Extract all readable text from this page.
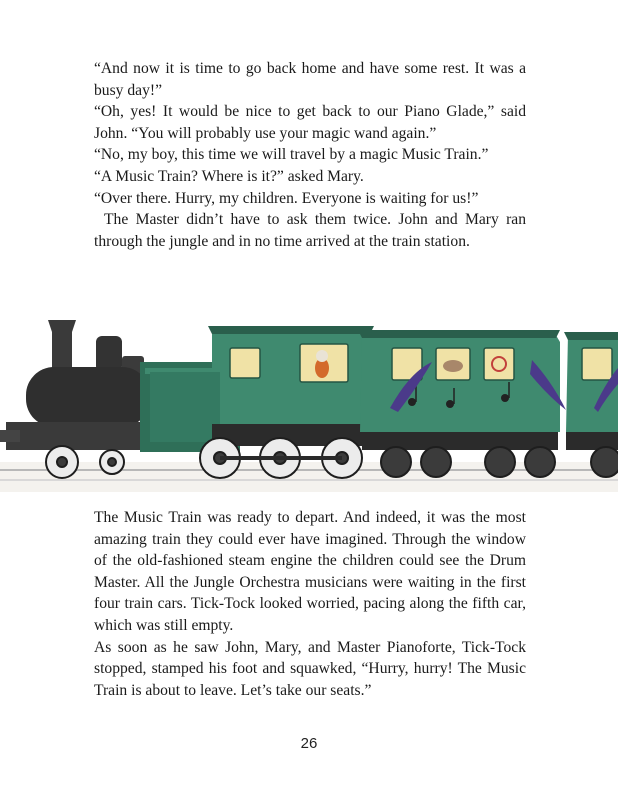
“And now it is time to go back home and have some rest. It was a busy day!”

“Oh, yes! It would be nice to get back to our Piano Glade,” said John. “You will probably use your magic wand again.”

“No, my boy, this time we will travel by a magic Music Train.”

“A Music Train? Where is it?” asked Mary.

“Over there. Hurry, my children. Everyone is waiting for us!”

The Master didn’t have to ask them twice. John and Mary ran through the jungle and in no time arrived at the train station.

The Music Train was ready to depart. And indeed, it was the most amazing train they could ever have imagined. Through the window of the old-fashioned steam engine the children could see the Drum Master. All the Jungle Orchestra musicians were waiting in the first four train cars. Tick-Tock looked worried, pacing along the fifth car, which was still empty.

As soon as he saw John, Mary, and Master Pianoforte, Tick-Tock stopped, stamped his foot and squawked, “Hurry, hurry! The Music Train is about to leave. Let’s take our seats.”

26
